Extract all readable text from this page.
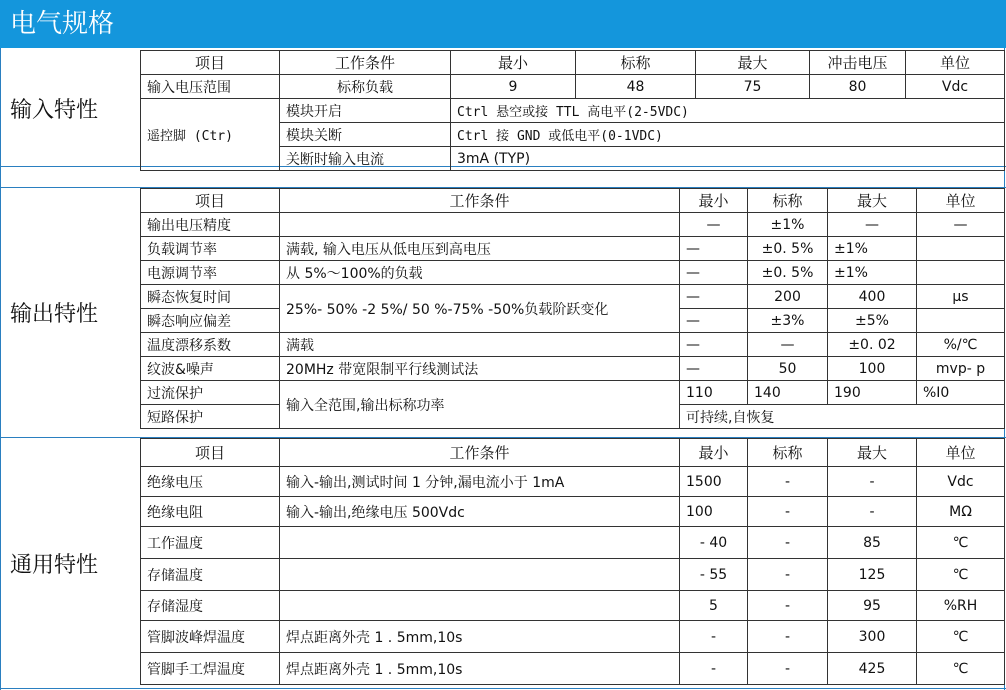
电气规格
输入特性
项目	工作条件	最小	标称	最大	冲击电压	单位
输入电压范围	标称负载	9	48	75	80	Vdc
遥控脚 (Ctr)	模块开启	Ctrl 悬空或接 TTL 高电平(2-5VDC)				
	模块关断	Ctrl 接 GND 或低电平(0-1VDC)				
	关断时输入电流	3mA (TYP)				
输出特性
项目	工作条件	最小	标称	最大	单位
输出电压精度		—	±1%	—	—
负载调节率	满载, 输入电压从低电压到高电压	—	±0. 5%	±1%	
电源调节率	从 5%～100%的负载	—	±0. 5%	±1%	
瞬态恢复时间	25%- 50% -2 5%/ 50 %-75% -50%负载阶跃变化	—	200	400	μs
瞬态响应偏差		—	±3%	±5%	
温度漂移系数	满载	—	—	±0. 02	%/℃
纹波&噪声	20MHz 带宽限制平行线测试法	—	50	100	mvp- p
过流保护	输入全范围,输出标称功率	110	140	190	%I0
短路保护		可持续,自恢复			
通用特性
项目	工作条件	最小	标称	最大	单位
绝缘电压	输入-输出,测试时间 1 分钟,漏电流小于 1mA	1500	-	-	Vdc
绝缘电阻	输入-输出,绝缘电压 500Vdc	100	-	-	MΩ
工作温度		- 40	-	85	℃
存储温度		- 55	-	125	℃
存储湿度		5	-	95	%RH
管脚波峰焊温度	焊点距离外壳 1 . 5mm,10s	-	-	300	℃
管脚手工焊温度	焊点距离外壳 1 . 5mm,10s	-	-	425	℃
